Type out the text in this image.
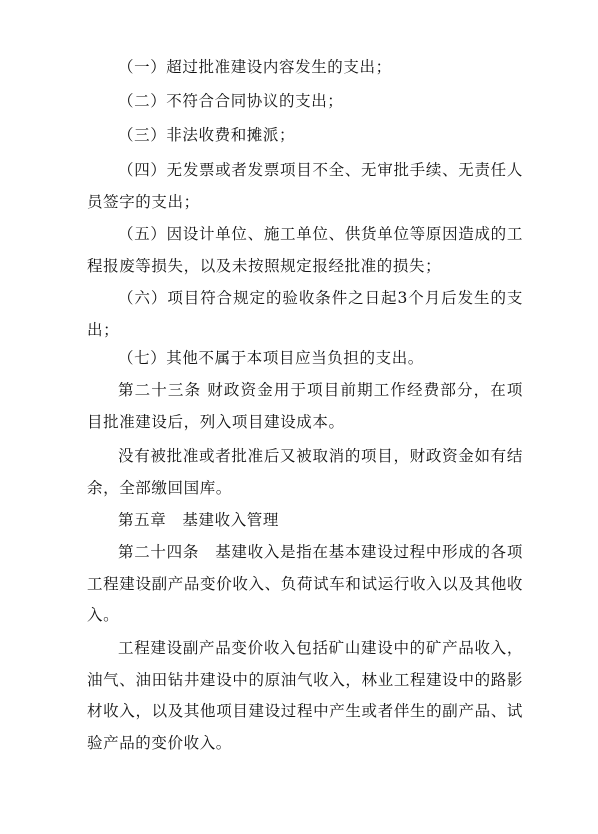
（一）超过批准建设内容发生的支出；

（二）不符合合同协议的支出；

（三）非法收费和摊派；

（四）无发票或者发票项目不全、无审批手续、无责任人员签字的支出；

（五）因设计单位、施工单位、供货单位等原因造成的工程报废等损失，以及未按照规定报经批准的损失；

（六）项目符合规定的验收条件之日起3个月后发生的支出；

（七）其他不属于本项目应当负担的支出。

第二十三条 财政资金用于项目前期工作经费部分，在项目批准建设后，列入项目建设成本。

没有被批准或者批准后又被取消的项目，财政资金如有结余，全部缴回国库。

第五章　基建收入管理

第二十四条　基建收入是指在基本建设过程中形成的各项工程建设副产品变价收入、负荷试车和试运行收入以及其他收入。

工程建设副产品变价收入包括矿山建设中的矿产品收入，油气、油田钻井建设中的原油气收入，林业工程建设中的路影材收入，以及其他项目建设过程中产生或者伴生的副产品、试验产品的变价收入。
